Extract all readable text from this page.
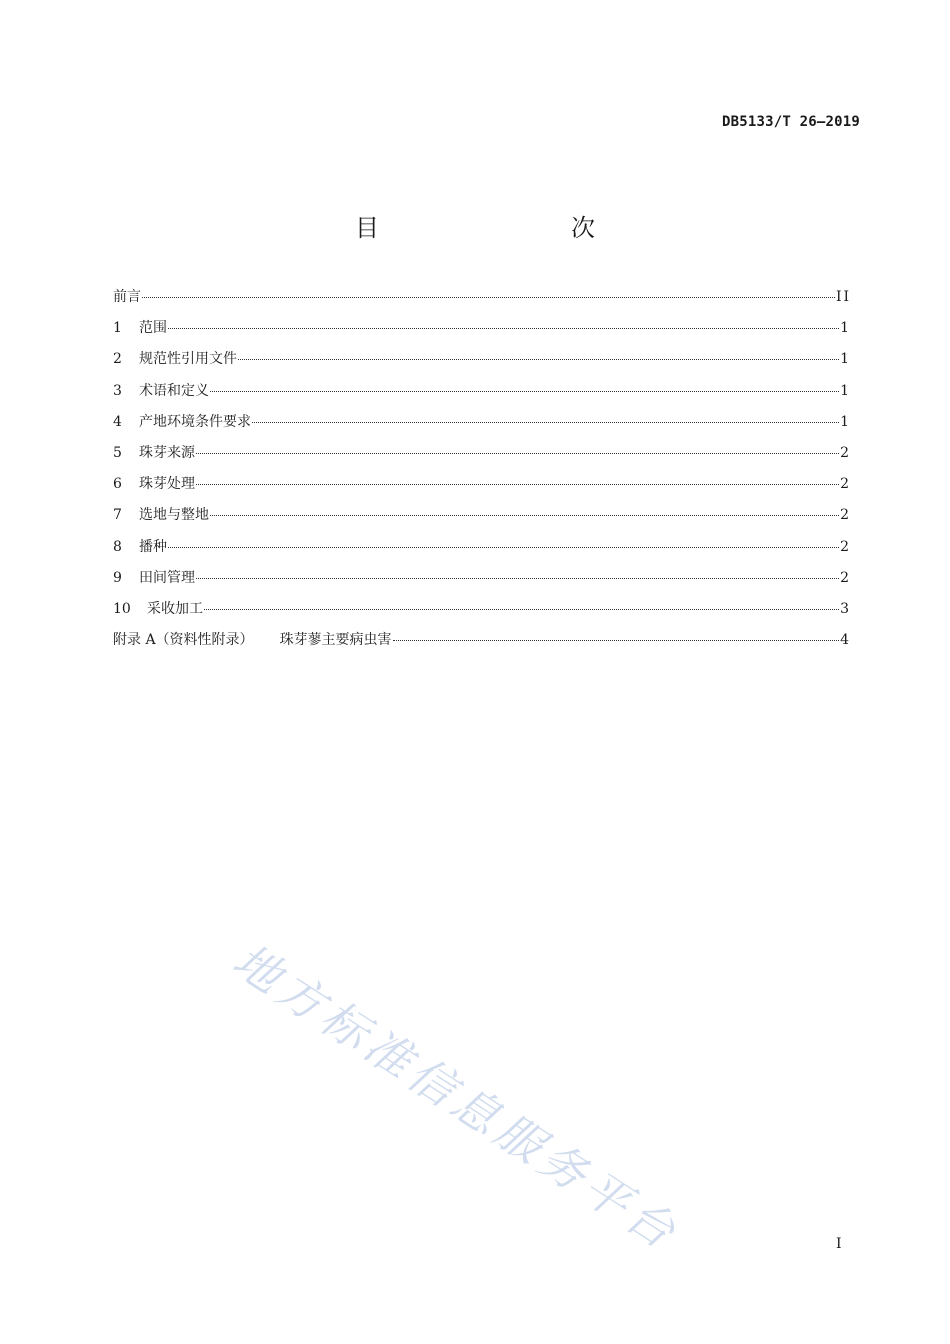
DB5133/T 26—2019
目　　次
前言	II
1	范围	1
2	规范性引用文件	1
3	术语和定义	1
4	产地环境条件要求	1
5	珠芽来源	2
6	珠芽处理	2
7	选地与整地	2
8	播种	2
9	田间管理	2
10	采收加工	3
附录 A（资料性附录） 珠芽蓼主要病虫害	4
地方标准信息服务平台	I
